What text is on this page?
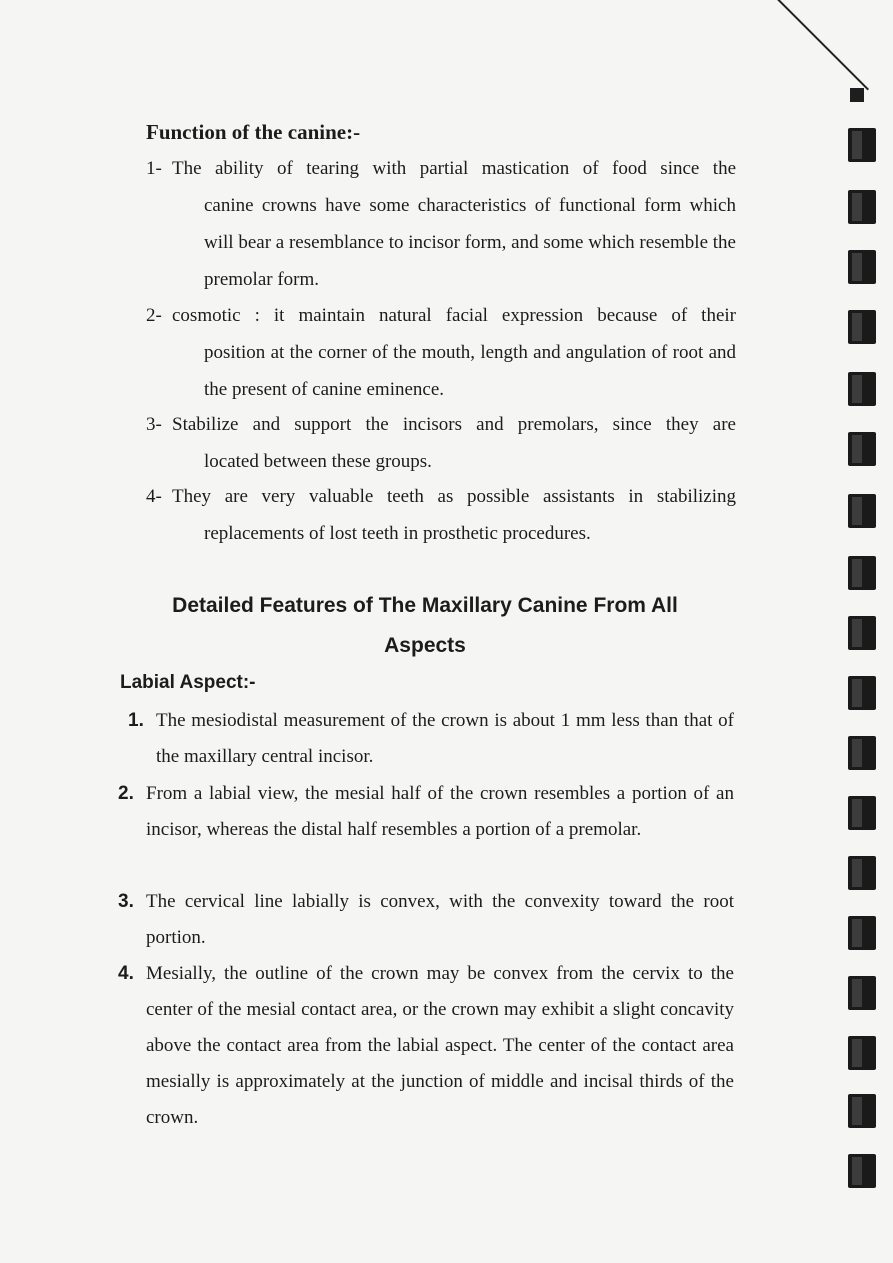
Function of the canine:-
1- The ability of tearing with partial mastication of food since the
canine crowns have some characteristics of functional form which will bear a resemblance to incisor form, and some which resemble the premolar form.
2- cosmotic : it maintain natural facial expression because of their
position at the corner of the mouth, length and angulation of root and the present of canine eminence.
3- Stabilize and support the incisors and premolars, since they are
located between these groups.
4- They are very valuable teeth as possible assistants in stabilizing
replacements of lost teeth in prosthetic procedures.
Detailed Features of The Maxillary Canine From All
Aspects
Labial Aspect:-
1. The mesiodistal measurement of the crown is about 1 mm less than that of the maxillary central incisor.
2. From a labial view, the mesial half of the crown resembles a portion of an incisor, whereas the distal half resembles a portion of a premolar.
3. The cervical line labially is convex, with the convexity toward the root portion.
4. Mesially, the outline of the crown may be convex from the cervix to the center of the mesial contact area, or the crown may exhibit a slight concavity above the contact area from the labial aspect. The center of the contact area mesially is approximately at the junction of middle and incisal thirds of the crown.
